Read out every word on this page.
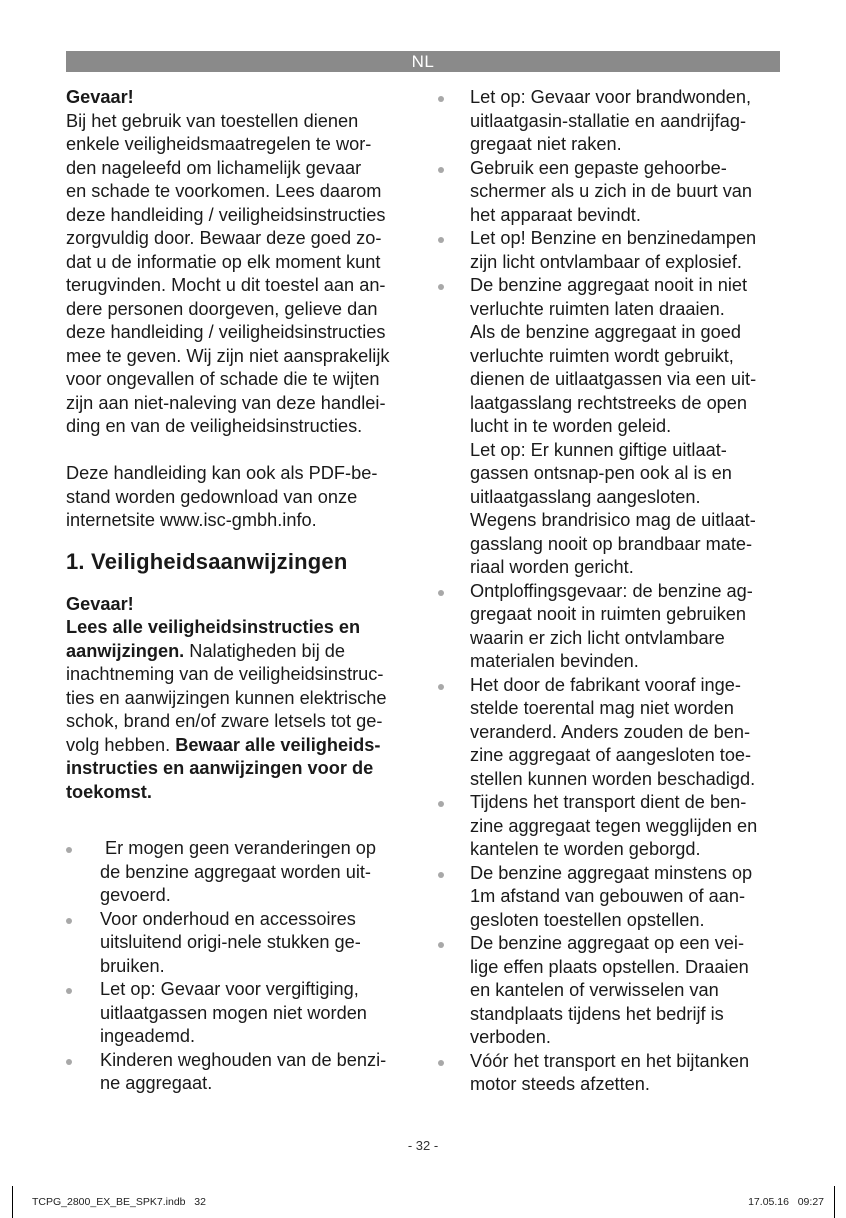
NL
Gevaar!
Bij het gebruik van toestellen dienen
enkele veiligheidsmaatregelen te wor-
den nageleefd om lichamelijk gevaar
en schade te voorkomen. Lees daarom
deze handleiding / veiligheidsinstructies
zorgvuldig door. Bewaar deze goed zo-
dat u de informatie op elk moment kunt
terugvinden. Mocht u dit toestel aan an-
dere personen doorgeven, gelieve dan
deze handleiding / veiligheidsinstructies
mee te geven. Wij zijn niet aansprakelijk
voor ongevallen of schade die te wijten
zijn aan niet-naleving van deze handlei-
ding en van de veiligheidsinstructies.
Deze handleiding kan ook als PDF-be-
stand worden gedownload van onze
internetsite www.isc-gmbh.info.
1. Veiligheidsaanwijzingen
Gevaar!
Lees alle veiligheidsinstructies en
aanwijzingen. Nalatigheden bij de
inachtneming van de veiligheidsinstruc-
ties en aanwijzingen kunnen elektrische
schok, brand en/of zware letsels tot ge-
volg hebben. Bewaar alle veiligheids-
instructies en aanwijzingen voor de
toekomst.
Er mogen geen veranderingen op
de benzine aggregaat worden uit-
gevoerd.
Voor onderhoud en accessoires
uitsluitend origi-nele stukken ge-
bruiken.
Let op: Gevaar voor vergiftiging,
uitlaatgassen mogen niet worden
ingeademd.
Kinderen weghouden van de benzi-
ne aggregaat.
Let op: Gevaar voor brandwonden,
uitlaatgasin-stallatie en aandrijfag-
gregaat niet raken.
Gebruik een gepaste gehoorbe-
schermer als u zich in de buurt van
het apparaat bevindt.
Let op! Benzine en benzinedampen
zijn licht ontvlambaar of explosief.
De benzine aggregaat nooit in niet
verluchte ruimten laten draaien.
Als de benzine aggregaat in goed
verluchte ruimten wordt gebruikt,
dienen de uitlaatgassen via een uit-
laatgasslang rechtstreeks de open
lucht in te worden geleid.
Let op: Er kunnen giftige uitlaat-
gassen ontsnap-pen ook al is en
uitlaatgasslang aangesloten.
Wegens brandrisico mag de uitlaat-
gasslang nooit op brandbaar mate-
riaal worden gericht.
Ontploffingsgevaar: de benzine ag-
gregaat nooit in ruimten gebruiken
waarin er zich licht ontvlambare
materialen bevinden.
Het door de fabrikant vooraf inge-
stelde toerental mag niet worden
veranderd. Anders zouden de ben-
zine aggregaat of aangesloten toe-
stellen kunnen worden beschadigd.
Tijdens het transport dient de ben-
zine aggregaat tegen wegglijden en
kantelen te worden geborgd.
De benzine aggregaat minstens op
1m afstand van gebouwen of aan-
gesloten toestellen opstellen.
De benzine aggregaat op een vei-
lige effen plaats opstellen. Draaien
en kantelen of verwisselen van
standplaats tijdens het bedrijf is
verboden.
Vóór het transport en het bijtanken
motor steeds afzetten.
- 32 -
TCPG_2800_EX_BE_SPK7.indb   32	17.05.16   09:27
